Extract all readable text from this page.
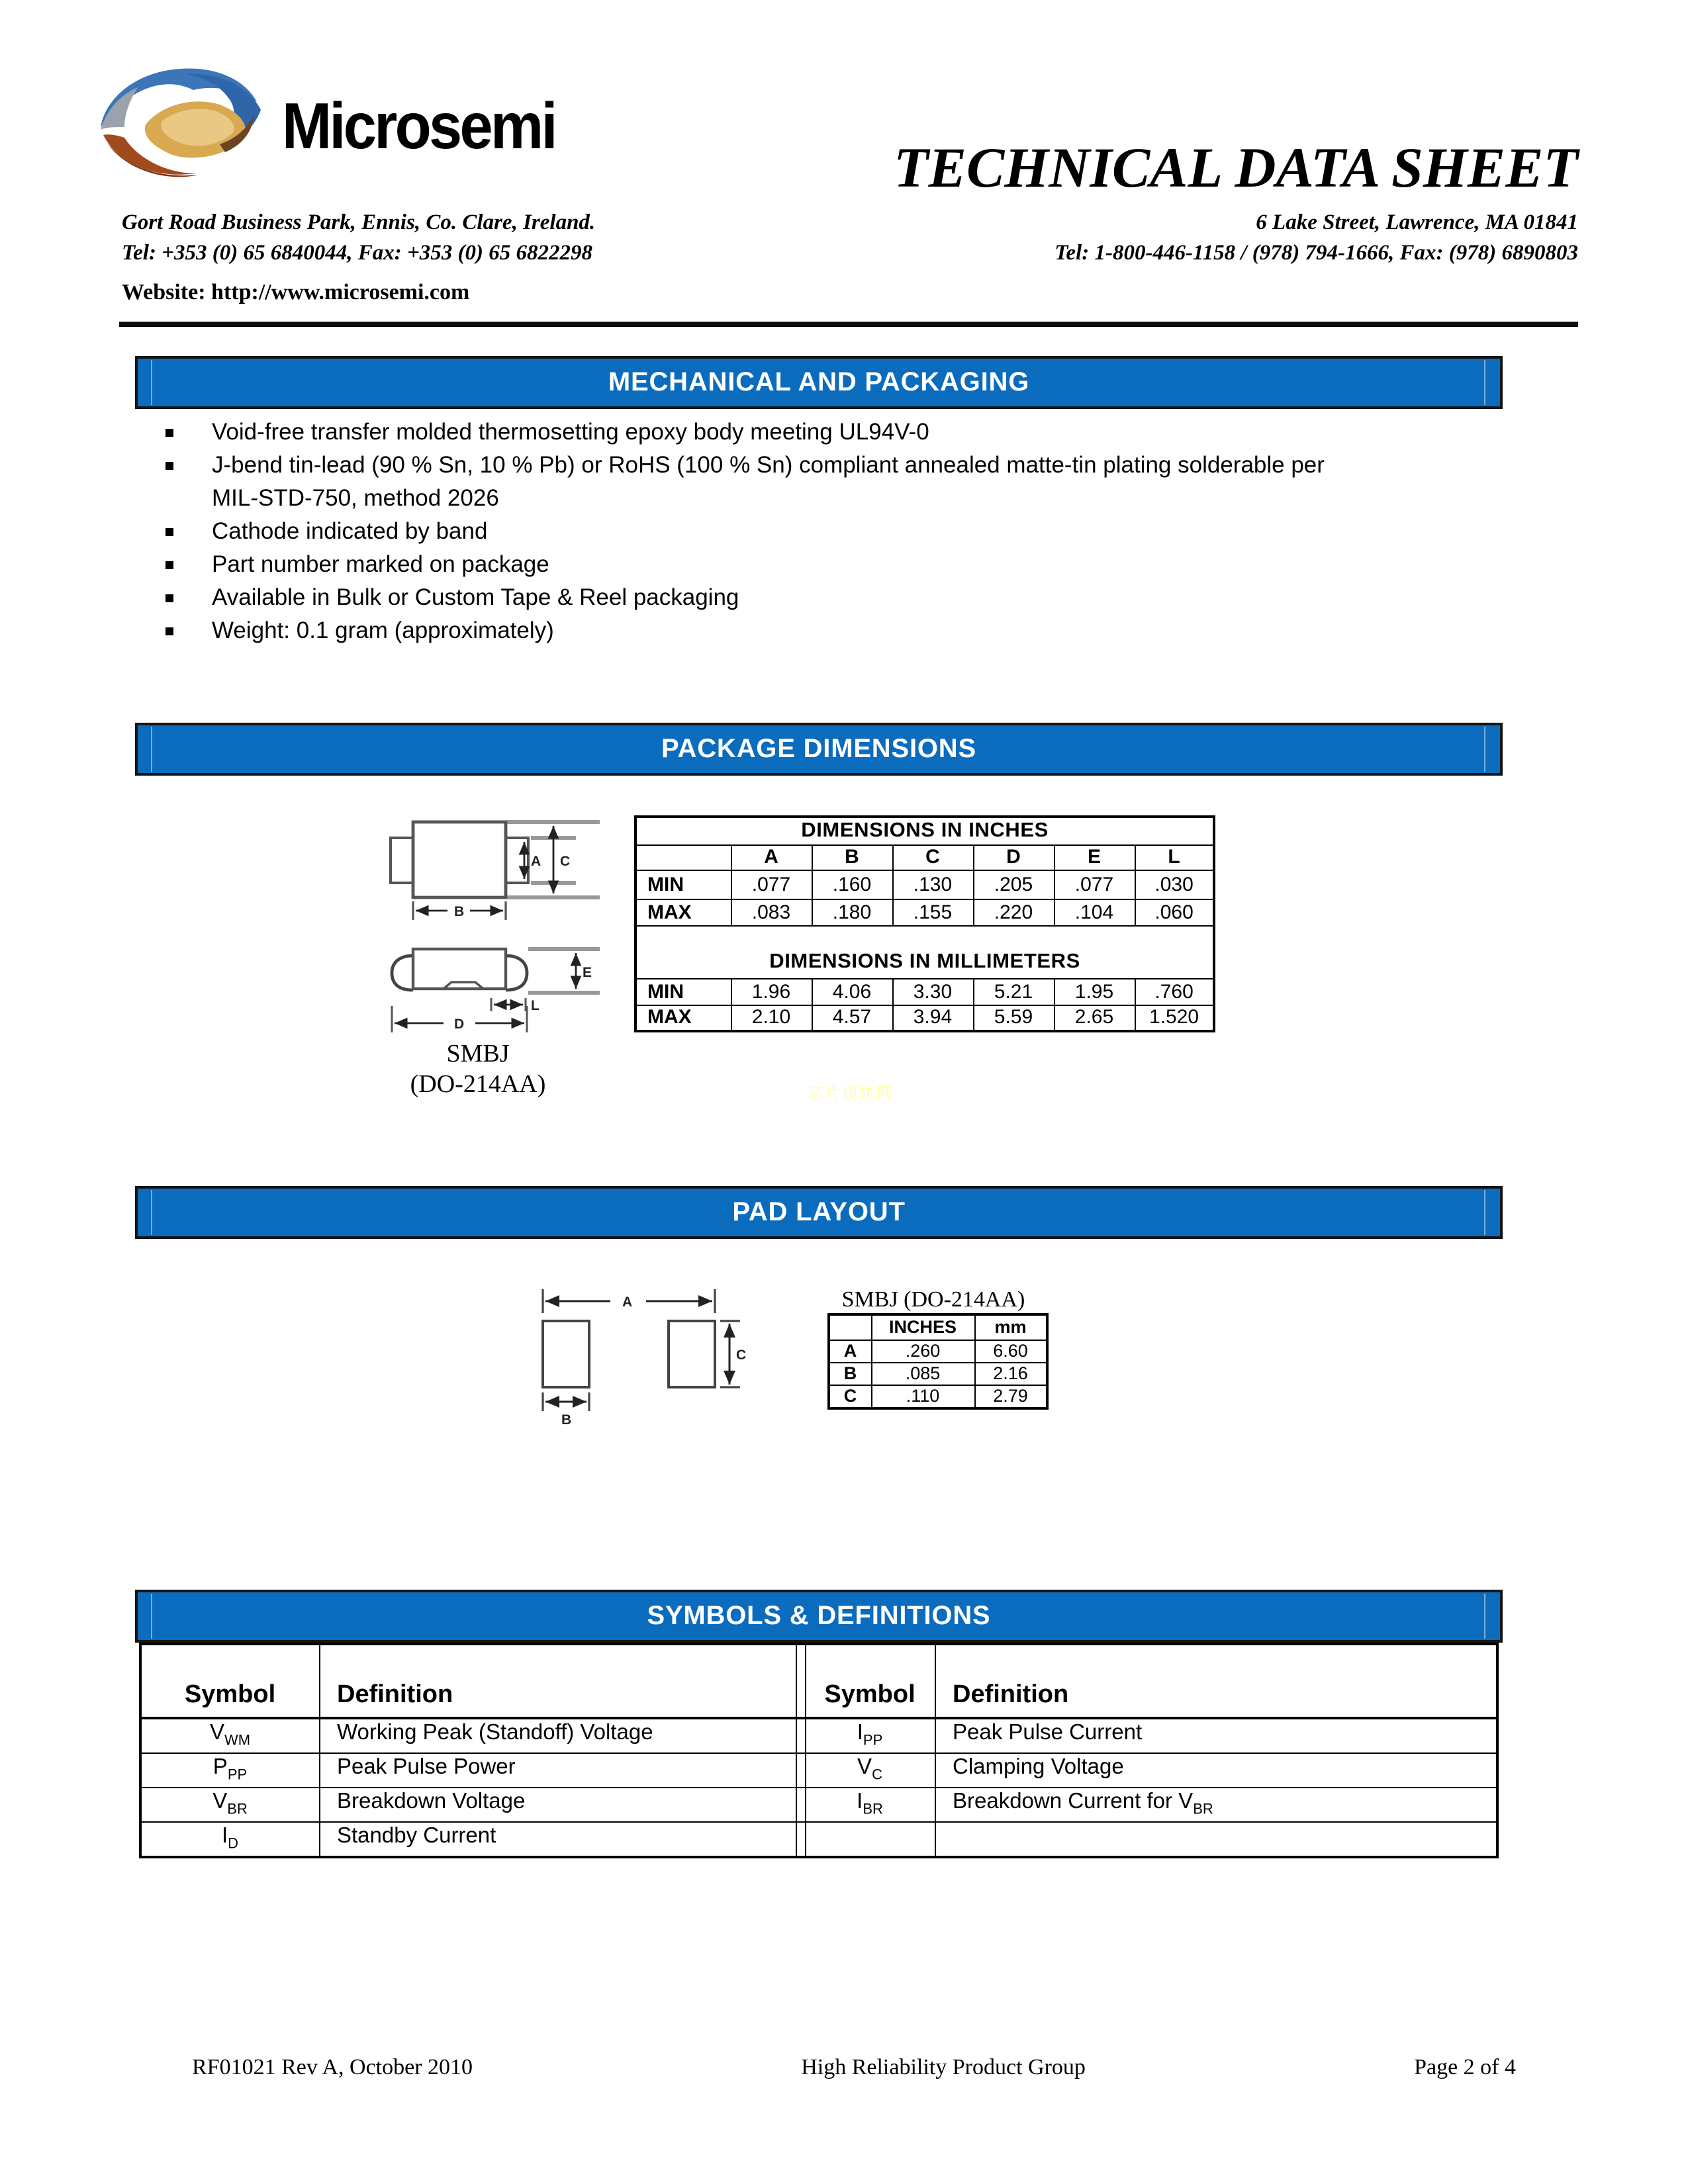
Microsemi
TECHNICAL DATA SHEET
Gort Road Business Park, Ennis, Co. Clare, Ireland.
Tel: +353 (0) 65 6840044, Fax: +353 (0) 65 6822298
6 Lake Street, Lawrence, MA 01841
Tel: 1-800-446-1158 / (978) 794-1666, Fax: (978) 6890803
Website: http://www.microsemi.com
MECHANICAL AND PACKAGING
Void-free transfer molded thermosetting epoxy body meeting UL94V-0
J-bend tin-lead (90 % Sn, 10 % Pb) or RoHS (100 % Sn) compliant annealed matte-tin plating solderable per
MIL-STD-750, method 2026
Cathode indicated by band
Part number marked on package
Available in Bulk or Custom Tape & Reel packaging
Weight: 0.1 gram (approximately)
PACKAGE DIMENSIONS
A	C
B
E
L
D
SMBJ
(DO-214AA)
DIMENSIONS IN INCHES						
	A	B	C	D	E	L
MIN	.077	.160	.130	.205	.077	.030
MAX	.083	.180	.155	.220	.104	.060
DIMENSIONS IN MILLIMETERS						
MIN	1.96	4.06	3.30	5.21	1.95	.760
MAX	2.10	4.57	3.94	5.59	2.65	1.520
芯片模块网
PAD LAYOUT
A
C
B
SMBJ (DO-214AA)
	INCHES	mm
A	.260	6.60
B	.085	2.16
C	.110	2.79
SYMBOLS & DEFINITIONS
Symbol	Definition		Symbol	Definition
$V_{WM}$	Working Peak (Standoff) Voltage		$I_{PP}$	Peak Pulse Current
$P_{PP}$	Peak Pulse Power		$V_C$	Clamping Voltage
$V_{BR}$	Breakdown Voltage		$I_{BR}$	Breakdown Current for $V_{BR}$
$I_D$	Standby Current			
RF01021 Rev A, October 2010	High Reliability Product Group	Page 2 of 4
